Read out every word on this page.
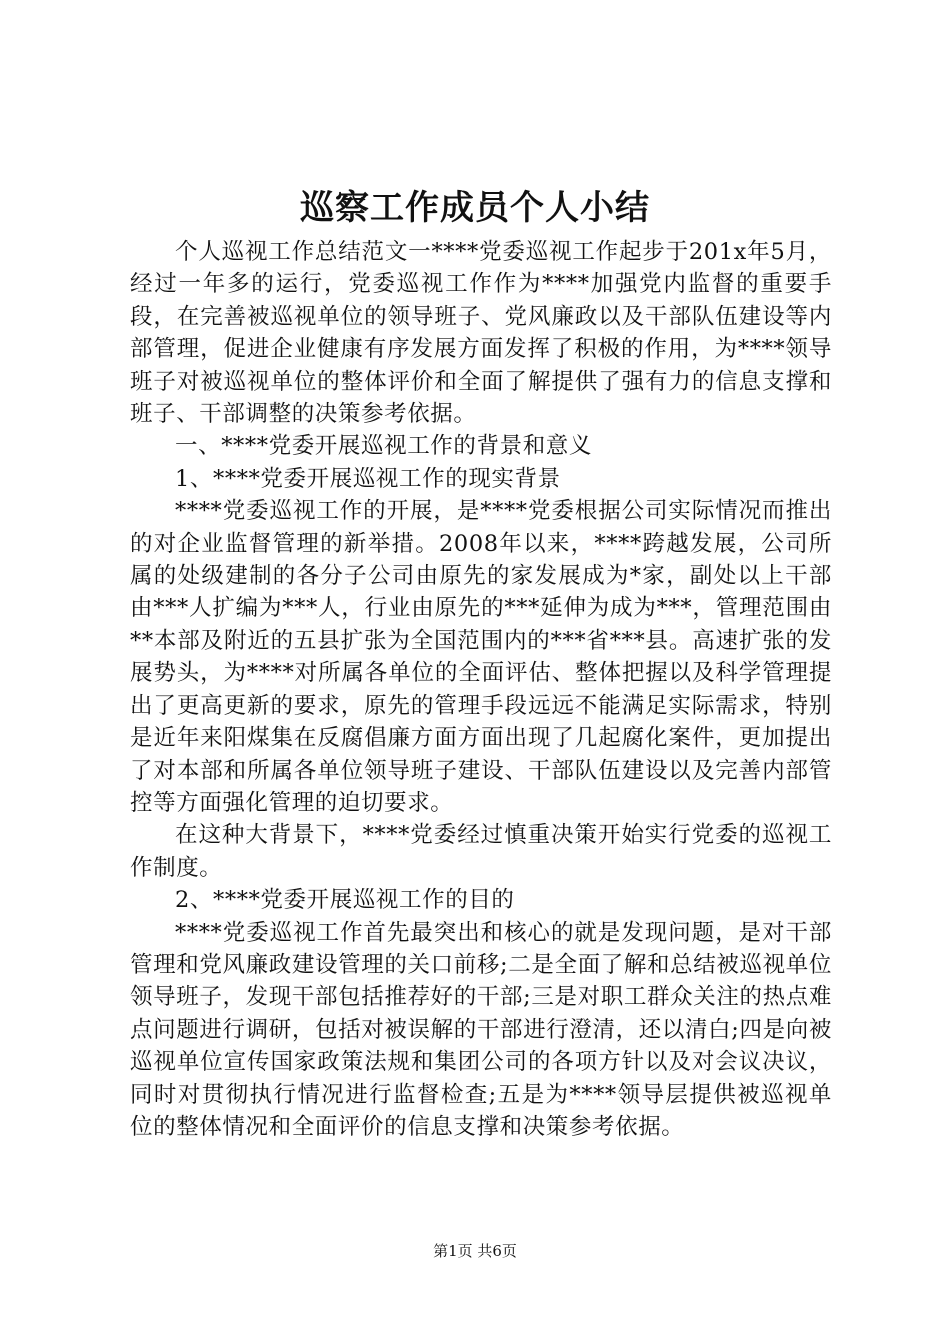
巡察工作成员个人小结

个人巡视工作总结范文一****党委巡视工作起步于201x年5月，经过一年多的运行，党委巡视工作作为****加强党内监督的重要手段，在完善被巡视单位的领导班子、党风廉政以及干部队伍建设等内部管理，促进企业健康有序发展方面发挥了积极的作用，为****领导班子对被巡视单位的整体评价和全面了解提供了强有力的信息支撑和班子、干部调整的决策参考依据。

一、****党委开展巡视工作的背景和意义

1、****党委开展巡视工作的现实背景

****党委巡视工作的开展，是****党委根据公司实际情况而推出的对企业监督管理的新举措。2008年以来，****跨越发展，公司所属的处级建制的各分子公司由原先的家发展成为*家，副处以上干部由***人扩编为***人，行业由原先的***延伸为成为***，管理范围由**本部及附近的五县扩张为全国范围内的***省***县。高速扩张的发展势头，为****对所属各单位的全面评估、整体把握以及科学管理提出了更高更新的要求，原先的管理手段远远不能满足实际需求，特别是近年来阳煤集在反腐倡廉方面方面出现了几起腐化案件，更加提出了对本部和所属各单位领导班子建设、干部队伍建设以及完善内部管控等方面强化管理的迫切要求。

在这种大背景下，****党委经过慎重决策开始实行党委的巡视工作制度。

2、****党委开展巡视工作的目的

****党委巡视工作首先最突出和核心的就是发现问题，是对干部管理和党风廉政建设管理的关口前移;二是全面了解和总结被巡视单位领导班子，发现干部包括推荐好的干部;三是对职工群众关注的热点难点问题进行调研，包括对被误解的干部进行澄清，还以清白;四是向被巡视单位宣传国家政策法规和集团公司的各项方针以及对会议决议，同时对贯彻执行情况进行监督检查;五是为****领导层提供被巡视单位的整体情况和全面评价的信息支撑和决策参考依据。

第1页 共6页
